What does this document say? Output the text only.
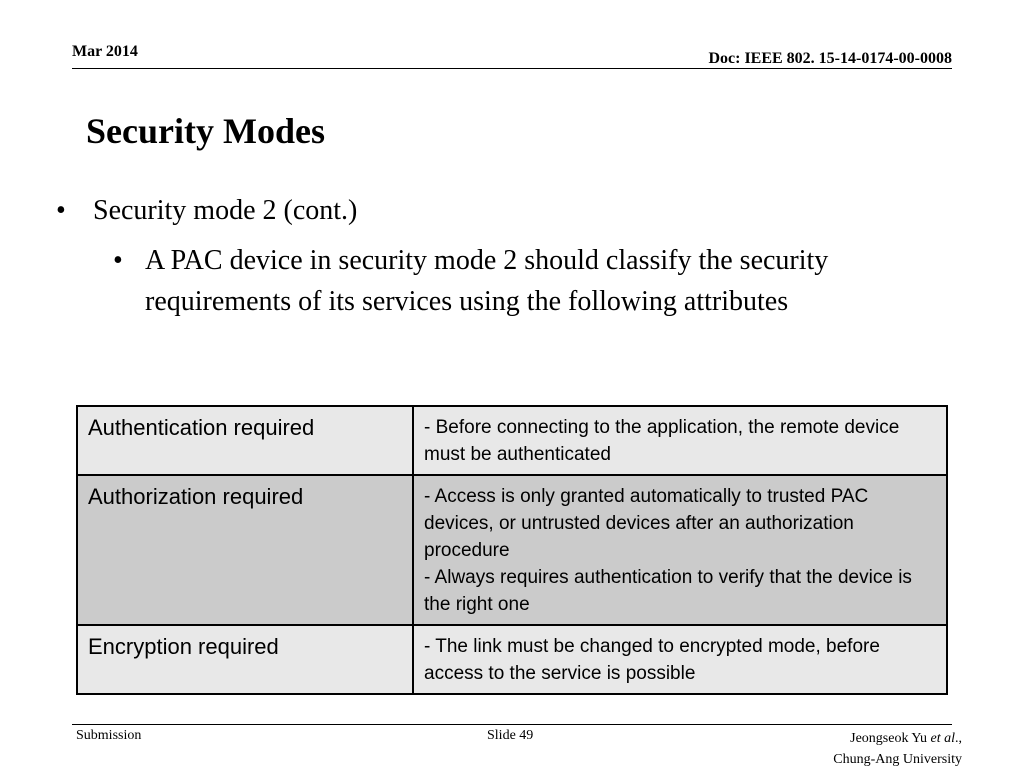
Mar 2014	Doc: IEEE 802. 15-14-0174-00-0008
Security Modes
• Security mode 2 (cont.)
• A PAC device in security mode 2 should classify the security requirements of its services using the following attributes
Authentication required	- Before connecting to the application, the remote device must be authenticated

Authorization required	- Access is only granted automatically to trusted PAC devices, or untrusted devices after an authorization procedure
- Always requires authentication to verify that the device is the right one

Encryption required	- The link must be changed to encrypted mode, before access to the service is possible
Submission	Slide 49	Jeongseok Yu et al.,
Chung-Ang University
